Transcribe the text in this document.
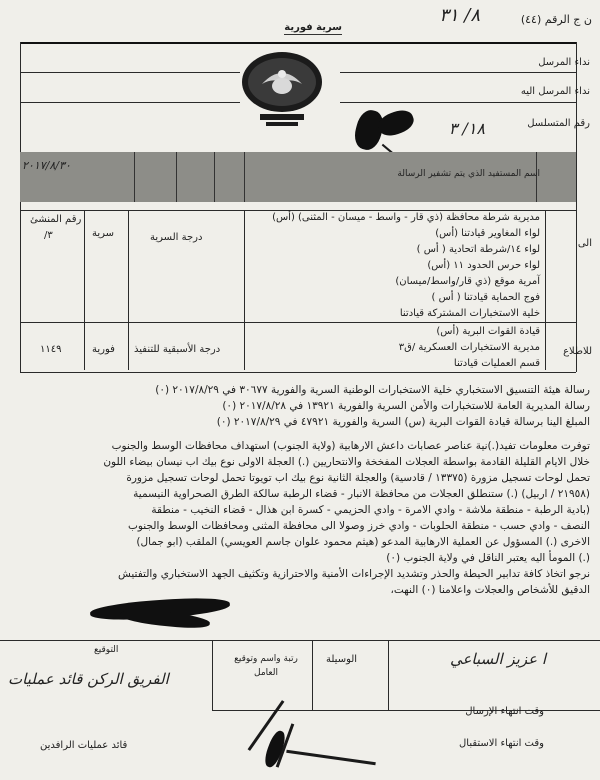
ن ج الرقم (٤٤)
٨/ ٣١
سرية فورية
نداء المرسل
نداء المرسل اليه
رقم المتسلسل
١٨/ ٣
اسم المستفيد الذي يتم تشفير الرسالة
٢٠١٧/٨/٣٠
الى
مديرية شرطة محافظة (ذي قار - واسط - ميسان - المثنى) (أس)
لواء المغاوير قيادتنا (أس)
لواء ١٤/شرطة اتحادية ( أس )
لواء حرس الحدود ١١ (أس)
آمرية موقع (ذي قار/واسط/ميسان)
فوج الحماية قيادتنا ( أس )
خلية الاستخبارات المشتركة قيادتنا
درجة السرية
سرية
رقم المنشئ
٣/
للاطلاع
قيادة القوات البرية (أس)
مديرية الاستخبارات العسكرية /ق٣
قسم العمليات قيادتنا
درجة الأسبقية للتنفيذ
فورية
١١٤٩
رسالة هيئة التنسيق الاستخباري خلية الاستخبارات الوطنية السرية والفورية ٣٠٦٧٧ في ٢٠١٧/٨/٢٩ (٠)
رسالة المديرية العامة للاستخبارات والأمن السرية والفورية ١٣٩٢١ في ٢٠١٧/٨/٢٨ (٠)
المبلغ الينا برسالة قيادة القوات البرية (س) السرية والفورية ٤٧٩٢١ في ٢٠١٧/٨/٢٩ (٠)
توفرت معلومات تفيد(.)نية عناصر عصابات داعش الارهابية (ولاية الجنوب) استهداف محافظات الوسط والجنوب
خلال الايام القليلة القادمة بواسطة العجلات المفخخة والانتحاريين (.) العجلة الاولى نوع بيك اب نيسان بيضاء اللون
تحمل لوحات تسجيل مزورة (١٣٣٧٥ / قادسية) والعجلة الثانية نوع بيك اب تويوتا تحمل لوحات تسجيل مزورة
(٢١٩٥٨ / اربيل) (.) ستنطلق العجلات من محافظة الانبار - قضاء الرطبة سالكة الطرق الصحراوية النيسمية
(بادية الرطبة - منطقة ملاشة - وادي الامرة - وادي الحزيمي - كسرة ابن هذال - قضاء النخيب - منطقة
النصف - وادي حسب - منطقة الحلوبات - وادي خرز وصولا الى محافظة المثنى ومحافظات الوسط والجنوب
الاخرى (.) المسؤول عن العملية الارهابية المدعو (هيثم محمود علوان جاسم العويسي) الملقب (ابو جمال)
(.) المومأ اليه يعتبر الناقل في ولاية الجنوب (٠)
نرجو اتخاذ كافة تدابير الحيطة والحذر وتشديد الإجراءات الأمنية والاحترازية وتكثيف الجهد الاستخباري والتفتيش
الدقيق للأشخاص والعجلات واعلامنا (٠) النهت،
التوقيع
رتبة واسم وتوقيع العامل
الوسيلة	ا عزيز السباعي
الفريق الركن قائد عمليات
وقت انتهاء الإرسال
وقت انتهاء الاستقبال
قائد عمليات الرافدين
